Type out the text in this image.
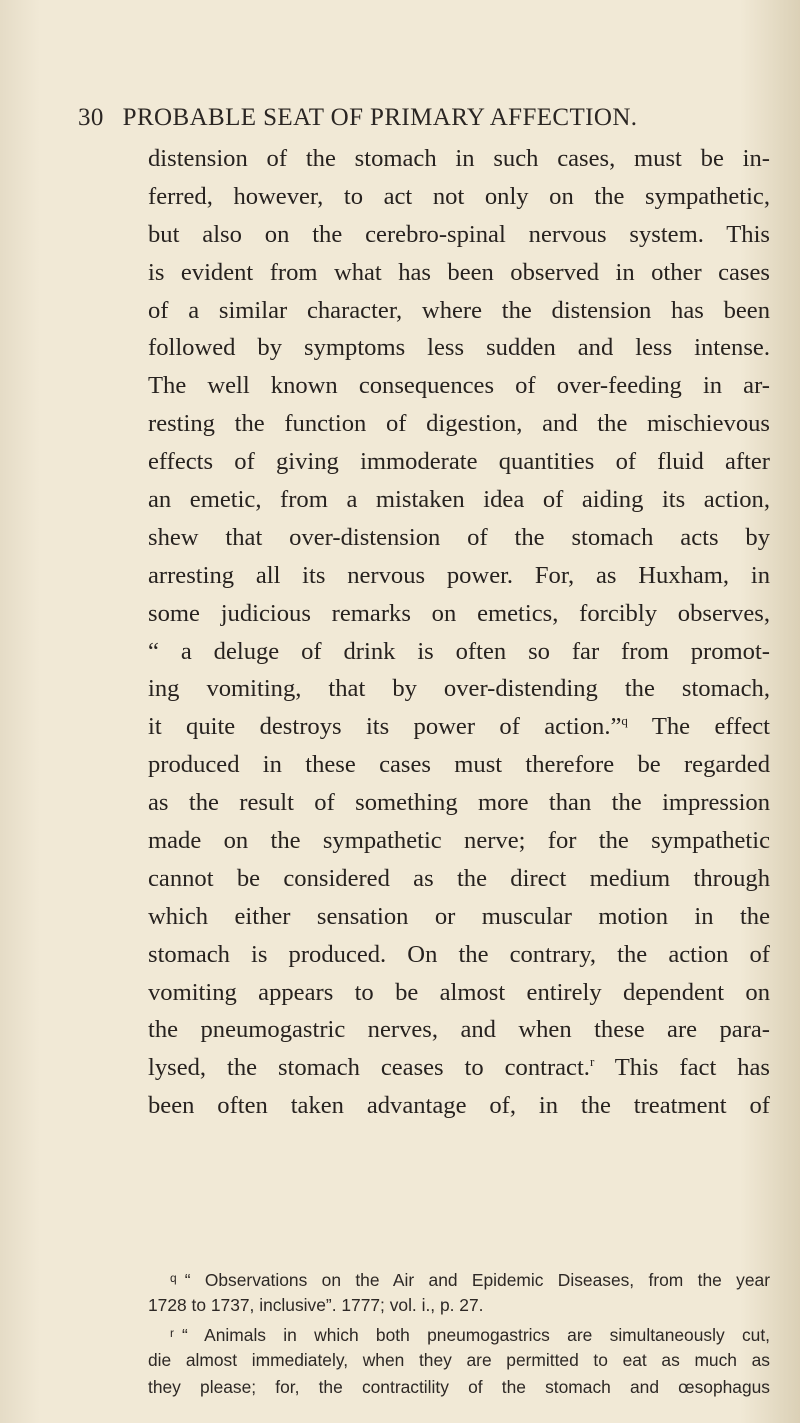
30 PROBABLE SEAT OF PRIMARY AFFECTION.
distension of the stomach in such cases, must be in-
ferred, however, to act not only on the sympathetic,
but also on the cerebro-spinal nervous system. This
is evident from what has been observed in other cases
of a similar character, where the distension has been
followed by symptoms less sudden and less intense.
The well known consequences of over-feeding in ar-
resting the function of digestion, and the mischievous
effects of giving immoderate quantities of fluid after
an emetic, from a mistaken idea of aiding its action,
shew that over-distension of the stomach acts by
arresting all its nervous power. For, as Huxham, in
some judicious remarks on emetics, forcibly observes,
“ a deluge of drink is often so far from promot-
ing vomiting, that by over-distending the stomach,
it quite destroys its power of action.”$^q$ The effect
produced in these cases must therefore be regarded
as the result of something more than the impression
made on the sympathetic nerve; for the sympathetic
cannot be considered as the direct medium through
which either sensation or muscular motion in the
stomach is produced. On the contrary, the action of
vomiting appears to be almost entirely dependent on
the pneumogastric nerves, and when these are para-
lysed, the stomach ceases to contract.$^r$ This fact has
been often taken advantage of, in the treatment of
$^q$ “ Observations on the Air and Epidemic Diseases, from the year
1728 to 1737, inclusive”. 1777; vol. i., p. 27.
$^r$ “ Animals in which both pneumogastrics are simultaneously cut,
die almost immediately, when they are permitted to eat as much as
they please; for, the contractility of the stomach and œsophagus
